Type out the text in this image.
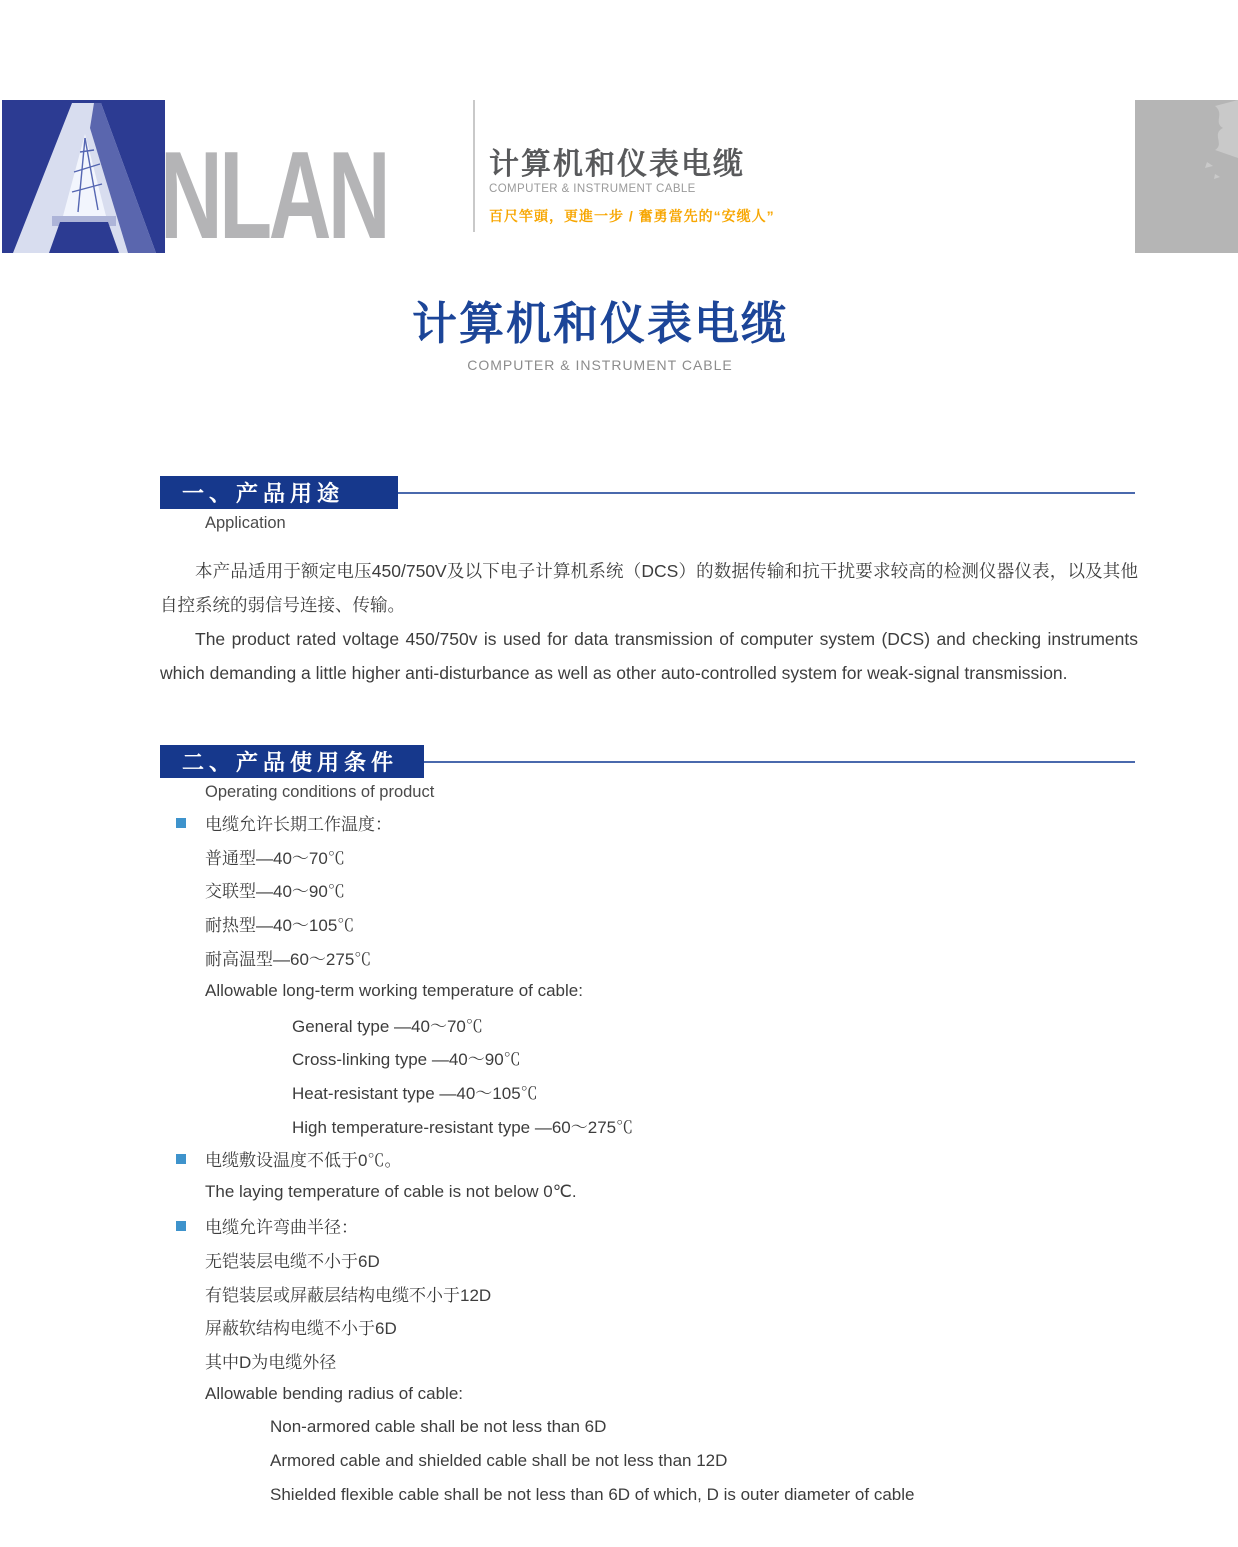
NLAN	计算机和仪表电缆
COMPUTER & INSTRUMENT CABLE
百尺竿頭，更進一步 / 奮勇當先的“安缆人”
计算机和仪表电缆
COMPUTER & INSTRUMENT CABLE
一、产品用途
Application
本产品适用于额定电压450/750V及以下电子计算机系统（DCS）的数据传输和抗干扰要求较高的检测仪器仪表，以及其他自控系统的弱信号连接、传输。
The product rated voltage 450/750v is used for data transmission of computer system (DCS) and checking instruments which demanding a little higher anti-disturbance as well as other auto-controlled system for weak-signal transmission.
二、产品使用条件
Operating conditions of product
电缆允许长期工作温度：
普通型—40～70℃
交联型—40～90℃
耐热型—40～105℃
耐高温型—60～275℃
Allowable long-term working temperature of cable:
General type —40～70℃
Cross-linking type —40～90℃
Heat-resistant type —40～105℃
High temperature-resistant type —60～275℃
电缆敷设温度不低于0℃。
The laying temperature of cable is not below 0℃.
电缆允许弯曲半径：
无铠装层电缆不小于6D
有铠装层或屏蔽层结构电缆不小于12D
屏蔽软结构电缆不小于6D
其中D为电缆外径
Allowable bending radius of cable:
Non-armored cable shall be not less than 6D
Armored cable and shielded cable shall be not less than 12D
Shielded flexible cable shall be not less than 6D of which, D is outer diameter of cable
